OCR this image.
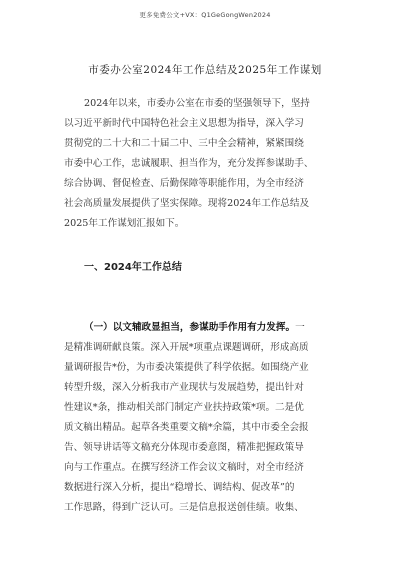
更多免费公文+VX：Q1GeGongWen2024
市委办公室2024年工作总结及2025年工作谋划
2024年以来，市委办公室在市委的坚强领导下，坚持
以习近平新时代中国特色社会主义思想为指导，深入学习
贯彻党的二十大和二十届二中、三中全会精神，紧紧围绕
市委中心工作，忠诚履职、担当作为，充分发挥参谋助手、
综合协调、督促检查、后勤保障等职能作用，为全市经济
社会高质量发展提供了坚实保障。现将2024年工作总结及
2025年工作谋划汇报如下。
一、2024年工作总结
（一）以文辅政显担当，参谋助手作用有力发挥。一
是精准调研献良策。深入开展*项重点课题调研，形成高质
量调研报告*份，为市委决策提供了科学依据。如围绕产业
转型升级，深入分析我市产业现状与发展趋势，提出针对
性建议*条，推动相关部门制定产业扶持政策*项。二是优
质文稿出精品。起草各类重要文稿*余篇，其中市委全会报
告、领导讲话等文稿充分体现市委意图，精准把握政策导
向与工作重点。在撰写经济工作会议文稿时，对全市经济
数据进行深入分析，提出“稳增长、调结构、促改革”的
工作思路，得到广泛认可。三是信息报送创佳绩。收集、
